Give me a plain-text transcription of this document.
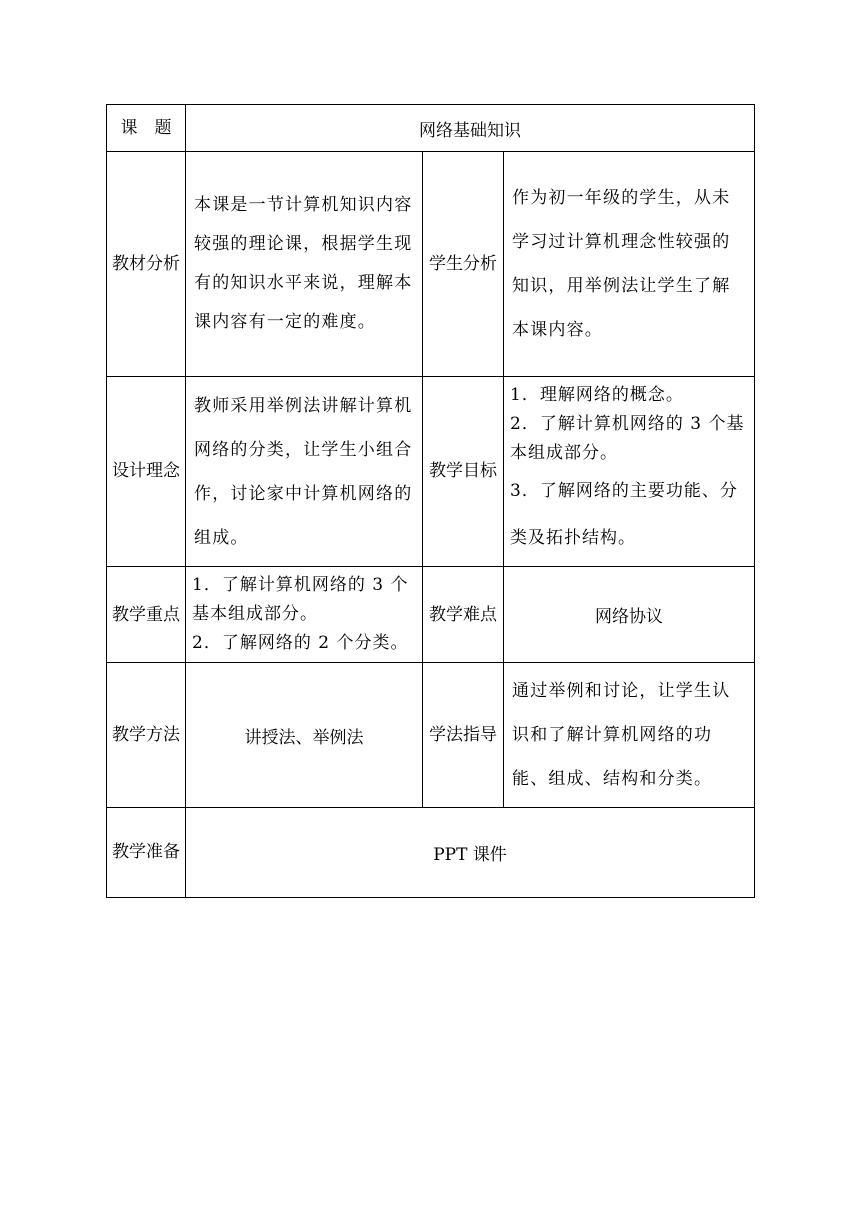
课　题	网络基础知识		
教材分析	本课是一节计算机知识内容较强的理论课，根据学生现有的知识水平来说，理解本课内容有一定的难度。	学生分析	作为初一年级的学生，从未学习过计算机理念性较强的知识，用举例法让学生了解本课内容。
设计理念	教师采用举例法讲解计算机网络的分类，让学生小组合作，讨论家中计算机网络的组成。	教学目标	1．理解网络的概念。
2．了解计算机网络的 3 个基本组成部分。
3．了解网络的主要功能、分类及拓扑结构。

教学重点	1．了解计算机网络的 3 个基本组成部分。
2．了解网络的 2 个分类。	教学难点	网络协议
教学方法	讲授法、举例法	学法指导	通过举例和讨论，让学生认识和了解计算机网络的功能、组成、结构和分类。
教学准备	PPT 课件		
